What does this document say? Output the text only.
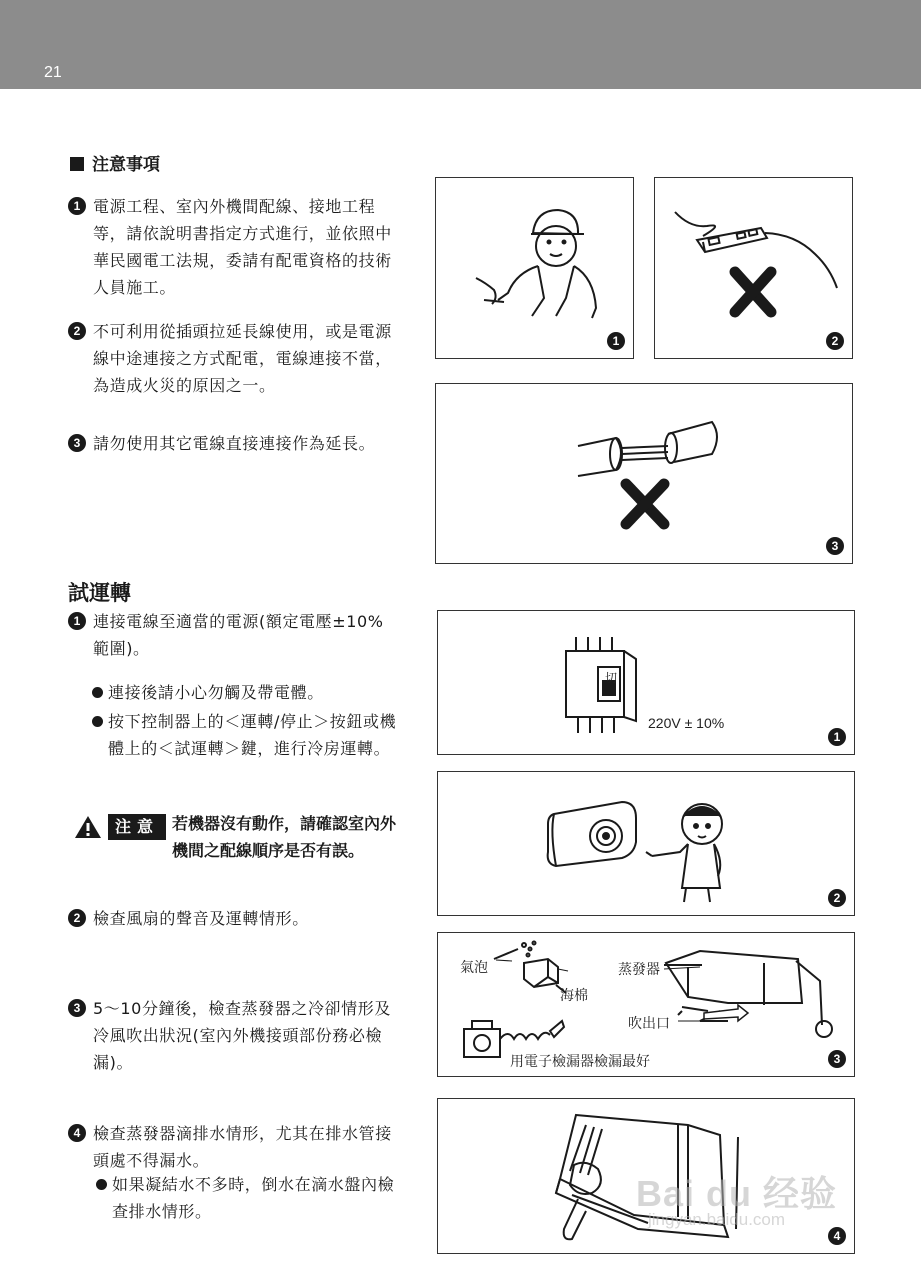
21
注意事項
1 電源工程、室內外機間配線、接地工程等，請依說明書指定方式進行，並依照中華民國電工法規，委請有配電資格的技術人員施工。
2 不可利用從插頭拉延長線使用，或是電源線中途連接之方式配電，電線連接不當，為造成火災的原因之一。
3 請勿使用其它電線直接連接作為延長。
試運轉
1 連接電線至適當的電源(額定電壓±10% 範圍)。
連接後請小心勿觸及帶電體。
按下控制器上的＜運轉/停止＞按鈕或機體上的＜試運轉＞鍵，進行冷房運轉。
注意 若機器沒有動作，請確認室內外機間之配線順序是否有誤。
2 檢查風扇的聲音及運轉情形。
3 5～10分鐘後，檢查蒸發器之冷卻情形及冷風吹出狀況(室內外機接頭部份務必檢漏)。
4 檢查蒸發器滴排水情形，尤其在排水管接頭處不得漏水。
如果凝結水不多時，倒水在滴水盤內檢查排水情形。
1	2
3
切
220V ± 10%
1
2
氣泡
海棉
蒸發器
吹出口
用電子檢漏器檢漏最好	3
4
Bai du 经验
jingyan.baidu.com
